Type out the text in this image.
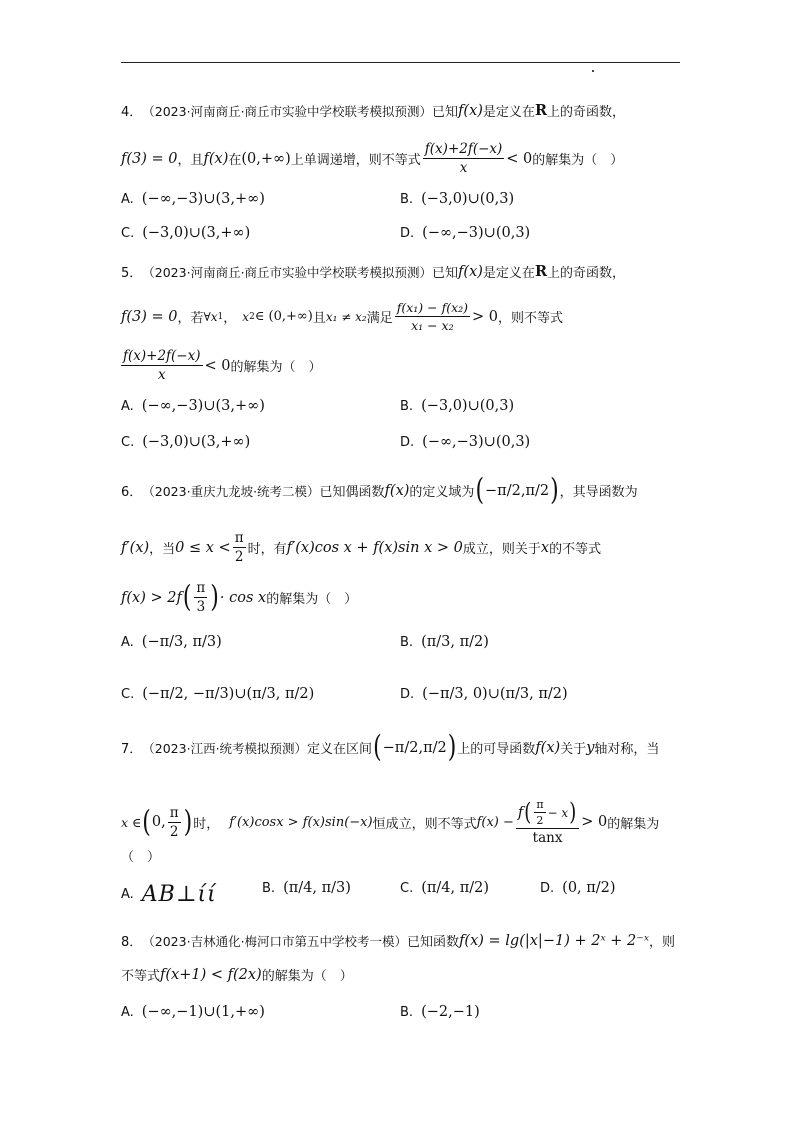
4． （2023·河南商丘·商丘市实验中学校联考模拟预测） 已知 f(x) 是定义在 R 上的奇函数，
f(3) = 0 ，且 f(x) 在 (0,+∞) 上单调递增，则不等式 $\frac{f(x)+2f(-x)}{x} < 0$ 的解集为（　）
A. (−∞,−3)∪(3,+∞)	B. (−3,0)∪(0,3)
C. (−3,0)∪(3,+∞)	D. (−∞,−3)∪(0,3)
5． （2023·河南商丘·商丘市实验中学校联考模拟预测） 已知 f(x) 是定义在 R 上的奇函数，
f(3) = 0 ，若 ∀x 1 ， x 2 ∈ (0,+∞) 且 x₁ ≠ x₂ 满足 $\frac{\text{f(x₁) − f(x₂)}}{\text{x₁ − x₂}} > 0$ ，则不等式
$\frac{f(x)+2f(-x)}{x} < 0$ 的解集为（　）
A. (−∞,−3)∪(3,+∞)	B. (−3,0)∪(0,3)
C. (−3,0)∪(3,+∞)	D. (−∞,−3)∪(0,3)
6． （2023·重庆九龙坡·统考二模） 已知偶函数 f(x) 的定义域为 ( −π/2 , π/2 ) ，其导函数为
f′(x) ，当 $0 \le x < \frac{\pi}{2}$ 时，有 f′(x)cos x + f(x)sin x > 0 成立，则关于 x 的不等式
f(x) > 2f ( $\frac{\pi}{3}$ ) · cos x 的解集为（　）
A. (−π/3, π/3)	B. (π/3, π/2)
C. (−π/2, −π/3)∪(π/3, π/2)	D. (−π/3, 0)∪(π/3, π/2)
7． （2023·江西·统考模拟预测） 定义在区间 ( −π/2 , π/2 ) 上的可导函数 f(x) 关于 y 轴对称，当
x ∈ ( 0, $\frac{\pi}{2}$ ) 时， f′(x)cosx > f(x)sin(−x) 恒成立，则不等式 f(x) −
f ( $\frac{\pi}{2} - x$ )
tanx
> 0 的解集为
（　）
A. AB⊥ίί	B. (π/4, π/3)	C. (π/4, π/2)	D. (0, π/2)
8． （2023·吉林通化·梅河口市第五中学校考一模） 已知函数 f(x) = lg(|x|−1) + 2ˣ + 2⁻ˣ ，则
不等式 f(x+1) < f(2x) 的解集为（　）
A. (−∞,−1)∪(1,+∞)	B. (−2,−1)
